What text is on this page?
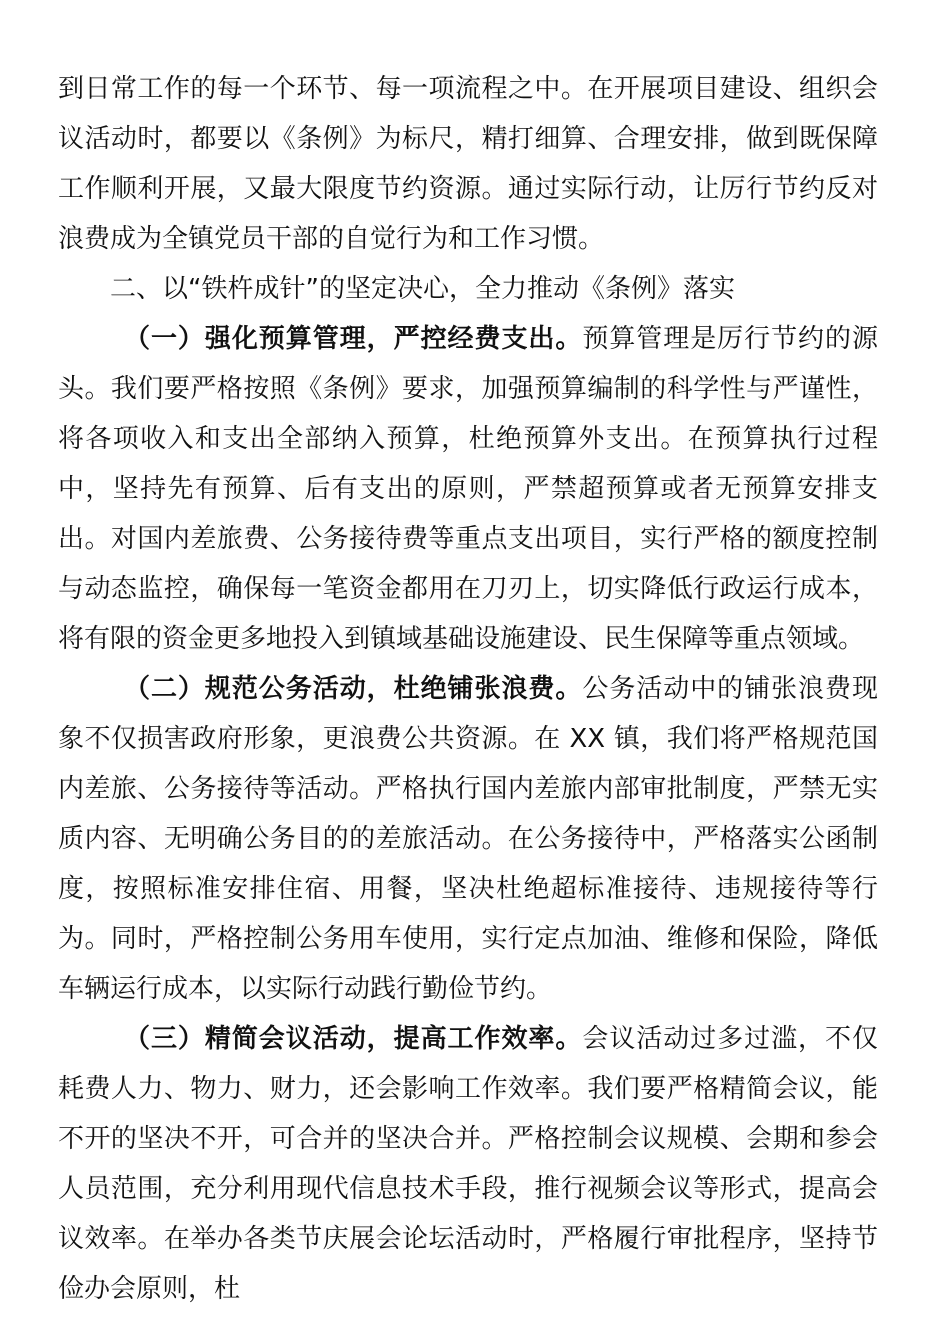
到日常工作的每一个环节、每一项流程之中。在开展项目建设、组织会议活动时，都要以《条例》为标尺，精打细算、合理安排，做到既保障工作顺利开展，又最大限度节约资源。通过实际行动，让厉行节约反对浪费成为全镇党员干部的自觉行为和工作习惯。

二、以“铁杵成针”的坚定决心，全力推动《条例》落实

（一）强化预算管理，严控经费支出。预算管理是厉行节约的源头。我们要严格按照《条例》要求，加强预算编制的科学性与严谨性，将各项收入和支出全部纳入预算，杜绝预算外支出。在预算执行过程中，坚持先有预算、后有支出的原则，严禁超预算或者无预算安排支出。对国内差旅费、公务接待费等重点支出项目，实行严格的额度控制与动态监控，确保每一笔资金都用在刀刃上，切实降低行政运行成本，将有限的资金更多地投入到镇域基础设施建设、民生保障等重点领域。

（二）规范公务活动，杜绝铺张浪费。公务活动中的铺张浪费现象不仅损害政府形象，更浪费公共资源。在 XX 镇，我们将严格规范国内差旅、公务接待等活动。严格执行国内差旅内部审批制度，严禁无实质内容、无明确公务目的的差旅活动。在公务接待中，严格落实公函制度，按照标准安排住宿、用餐，坚决杜绝超标准接待、违规接待等行为。同时，严格控制公务用车使用，实行定点加油、维修和保险，降低车辆运行成本，以实际行动践行勤俭节约。

（三）精简会议活动，提高工作效率。会议活动过多过滥，不仅耗费人力、物力、财力，还会影响工作效率。我们要严格精简会议，能不开的坚决不开，可合并的坚决合并。严格控制会议规模、会期和参会人员范围，充分利用现代信息技术手段，推行视频会议等形式，提高会议效率。在举办各类节庆展会论坛活动时，严格履行审批程序，坚持节俭办会原则，杜
